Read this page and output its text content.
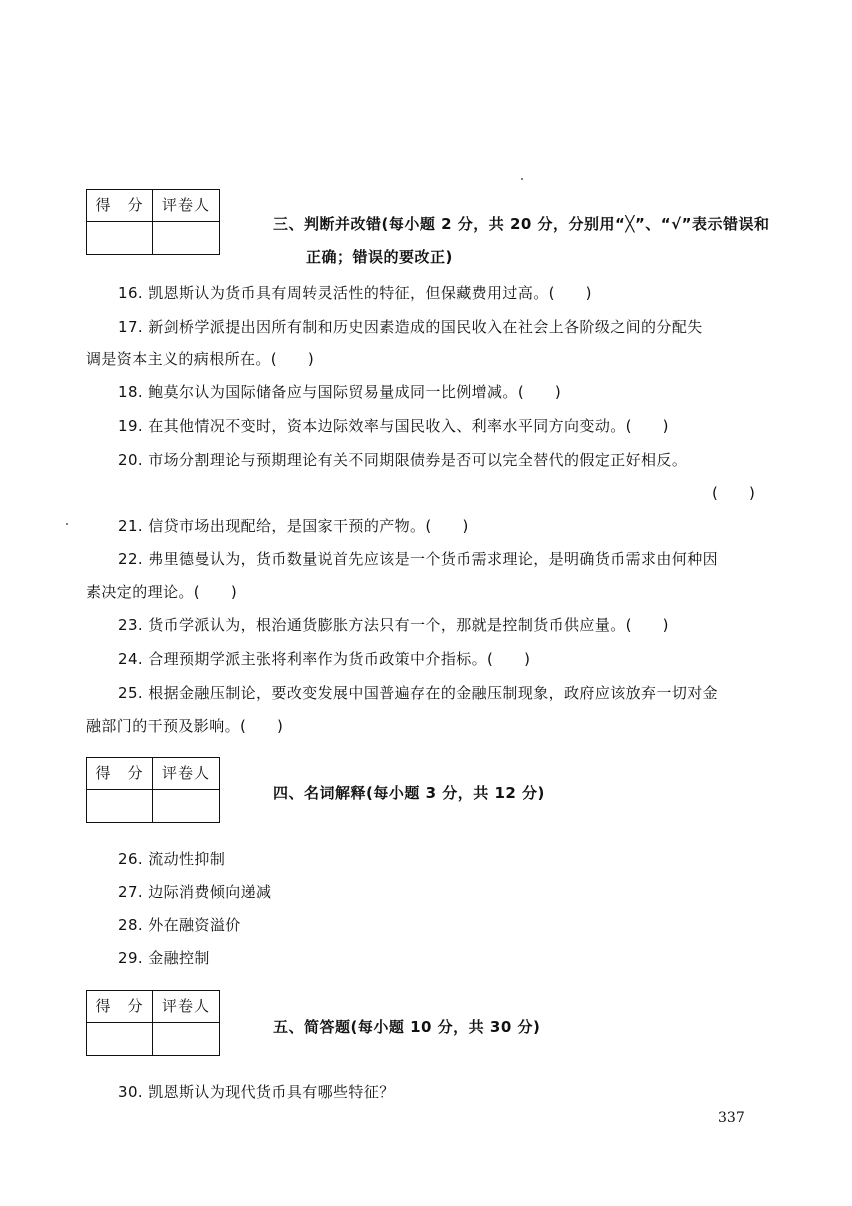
得　分	评卷人
三、判断并改错(每小题 2 分，共 20 分，分别用“╳”、“√”表示错误和
正确；错误的要改正)
16. 凯恩斯认为货币具有周转灵活性的特征，但保藏费用过高。(　　)
17. 新剑桥学派提出因所有制和历史因素造成的国民收入在社会上各阶级之间的分配失
调是资本主义的病根所在。(　　)
18. 鲍莫尔认为国际储备应与国际贸易量成同一比例增减。(　　)
19. 在其他情况不变时，资本边际效率与国民收入、利率水平同方向变动。(　　)
20. 市场分割理论与预期理论有关不同期限债券是否可以完全替代的假定正好相反。
(　　)
21. 信贷市场出现配给，是国家干预的产物。(　　)
22. 弗里德曼认为，货币数量说首先应该是一个货币需求理论，是明确货币需求由何种因
素决定的理论。(　　)
23. 货币学派认为，根治通货膨胀方法只有一个，那就是控制货币供应量。(　　)
24. 合理预期学派主张将利率作为货币政策中介指标。(　　)
25. 根据金融压制论，要改变发展中国普遍存在的金融压制现象，政府应该放弃一切对金
融部门的干预及影响。(　　)
得　分	评卷人
四、名词解释(每小题 3 分，共 12 分)
26. 流动性抑制
27. 边际消费倾向递减
28. 外在融资溢价
29. 金融控制
得　分	评卷人
五、简答题(每小题 10 分，共 30 分)
30. 凯恩斯认为现代货币具有哪些特征？
337
